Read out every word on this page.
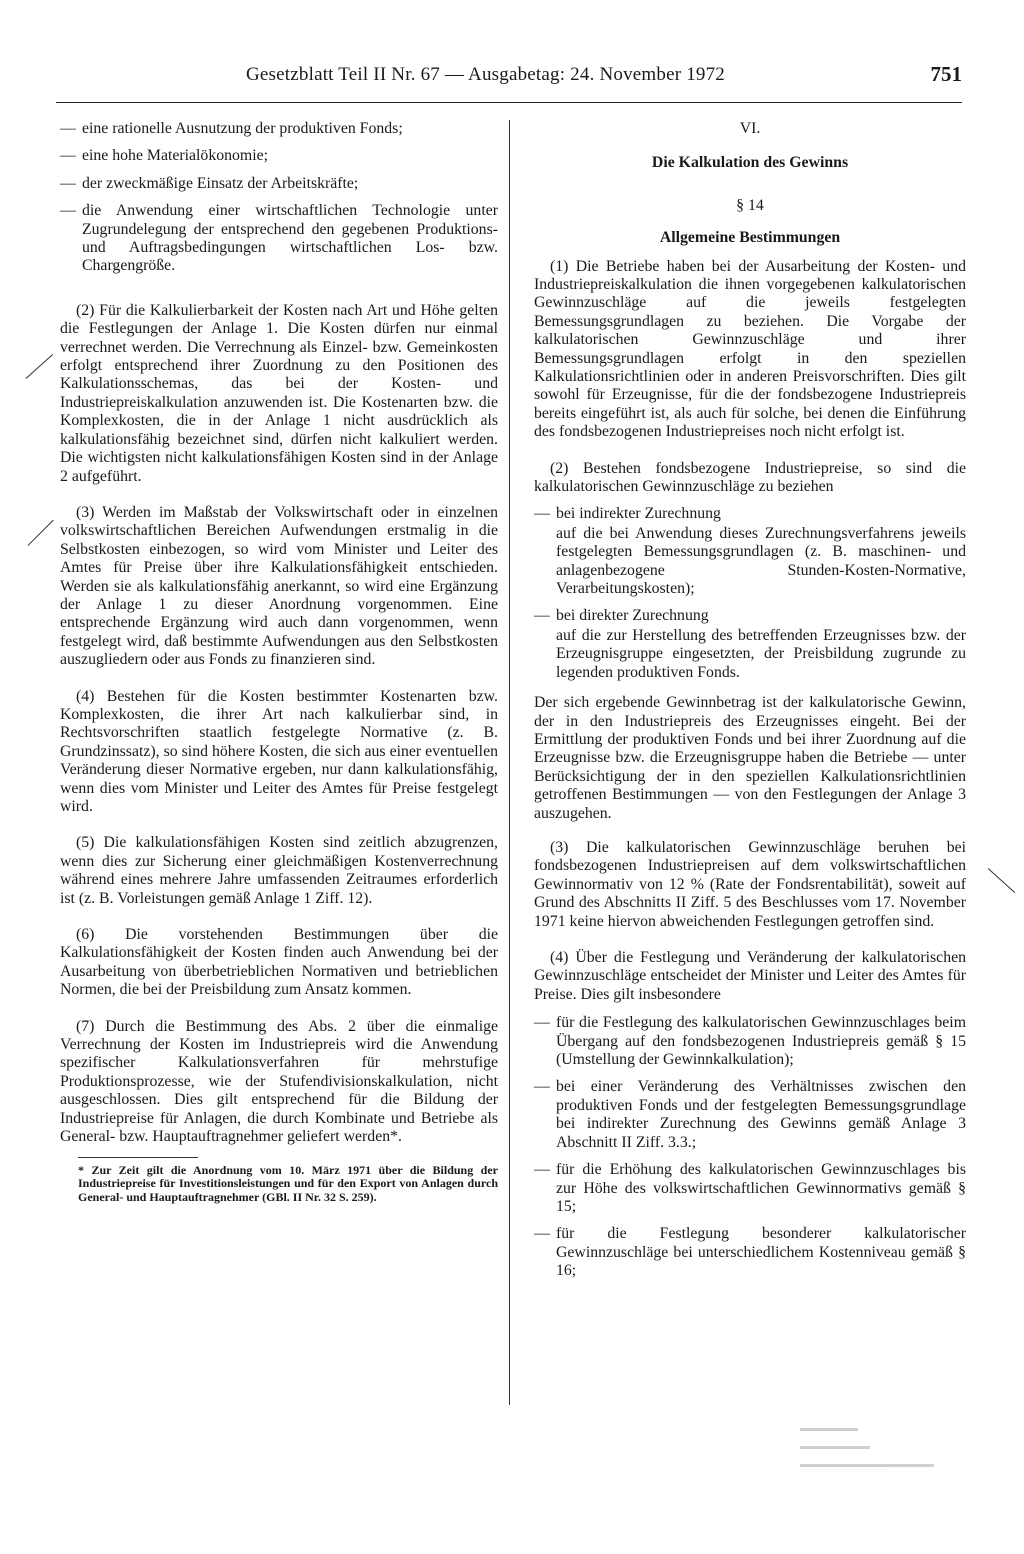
Gesetzblatt Teil II Nr. 67 — Ausgabetag: 24. November 1972	751
— eine rationelle Ausnutzung der produktiven Fonds;
— eine hohe Materialökonomie;
— der zweckmäßige Einsatz der Arbeitskräfte;
— die Anwendung einer wirtschaftlichen Technologie unter Zugrundelegung der entsprechend den gegebenen Produktions- und Auftragsbedingungen wirtschaftlichen Los- bzw. Chargengröße.

(2) Für die Kalkulierbarkeit der Kosten nach Art und Höhe gelten die Festlegungen der Anlage 1. Die Kosten dürfen nur einmal verrechnet werden. Die Verrechnung als Einzel- bzw. Gemeinkosten erfolgt entsprechend ihrer Zuordnung zu den Positionen des Kalkulationsschemas, das bei der Kosten- und Industriepreiskalkulation anzuwenden ist. Die Kostenarten bzw. die Komplexkosten, die in der Anlage 1 nicht ausdrücklich als kalkulationsfähig bezeichnet sind, dürfen nicht kalkuliert werden. Die wichtigsten nicht kalkulationsfähigen Kosten sind in der Anlage 2 aufgeführt.

(3) Werden im Maßstab der Volkswirtschaft oder in einzelnen volkswirtschaftlichen Bereichen Aufwendungen erstmalig in die Selbstkosten einbezogen, so wird vom Minister und Leiter des Amtes für Preise über ihre Kalkulationsfähigkeit entschieden. Werden sie als kalkulationsfähig anerkannt, so wird eine Ergänzung der Anlage 1 zu dieser Anordnung vorgenommen. Eine entsprechende Ergänzung wird auch dann vorgenommen, wenn festgelegt wird, daß bestimmte Aufwendungen aus den Selbstkosten auszugliedern oder aus Fonds zu finanzieren sind.

(4) Bestehen für die Kosten bestimmter Kostenarten bzw. Komplexkosten, die ihrer Art nach kalkulierbar sind, in Rechtsvorschriften staatlich festgelegte Normative (z. B. Grundzinssatz), so sind höhere Kosten, die sich aus einer eventuellen Veränderung dieser Normative ergeben, nur dann kalkulationsfähig, wenn dies vom Minister und Leiter des Amtes für Preise festgelegt wird.

(5) Die kalkulationsfähigen Kosten sind zeitlich abzugrenzen, wenn dies zur Sicherung einer gleichmäßigen Kostenverrechnung während eines mehrere Jahre umfassenden Zeitraumes erforderlich ist (z. B. Vorleistungen gemäß Anlage 1 Ziff. 12).

(6) Die vorstehenden Bestimmungen über die Kalkulationsfähigkeit der Kosten finden auch Anwendung bei der Ausarbeitung von überbetrieblichen Normativen und betrieblichen Normen, die bei der Preisbildung zum Ansatz kommen.

(7) Durch die Bestimmung des Abs. 2 über die einmalige Verrechnung der Kosten im Industriepreis wird die Anwendung spezifischer Kalkulationsverfahren für mehrstufige Produktionsprozesse, wie der Stufendivisionskalkulation, nicht ausgeschlossen. Dies gilt entsprechend für die Bildung der Industriepreise für Anlagen, die durch Kombinate und Betriebe als General- bzw. Hauptauftragnehmer geliefert werden*.

* Zur Zeit gilt die Anordnung vom 10. März 1971 über die Bildung der Industriepreise für Investitionsleistungen und für den Export von Anlagen durch General- und Hauptauftragnehmer (GBl. II Nr. 32 S. 259).

VI.

Die Kalkulation des Gewinns

§ 14

Allgemeine Bestimmungen

(1) Die Betriebe haben bei der Ausarbeitung der Kosten- und Industriepreiskalkulation die ihnen vorgegebenen kalkulatorischen Gewinnzuschläge auf die jeweils festgelegten Bemessungsgrundlagen zu beziehen. Die Vorgabe der kalkulatorischen Gewinnzuschläge und ihrer Bemessungsgrundlagen erfolgt in den speziellen Kalkulationsrichtlinien oder in anderen Preisvorschriften. Dies gilt sowohl für Erzeugnisse, für die der fondsbezogene Industriepreis bereits eingeführt ist, als auch für solche, bei denen die Einführung des fondsbezogenen Industriepreises noch nicht erfolgt ist.

(2) Bestehen fondsbezogene Industriepreise, so sind die kalkulatorischen Gewinnzuschläge zu beziehen

— bei indirekter Zurechnung

auf die bei Anwendung dieses Zurechnungsverfahrens jeweils festgelegten Bemessungsgrundlagen (z. B. maschinen- und anlagenbezogene Stunden-Kosten-Normative, Verarbeitungskosten);

— bei direkter Zurechnung

auf die zur Herstellung des betreffenden Erzeugnisses bzw. der Erzeugnisgruppe eingesetzten, der Preisbildung zugrunde zu legenden produktiven Fonds.

Der sich ergebende Gewinnbetrag ist der kalkulatorische Gewinn, der in den Industriepreis des Erzeugnisses eingeht. Bei der Ermittlung der produktiven Fonds und bei ihrer Zuordnung auf die Erzeugnisse bzw. die Erzeugnisgruppe haben die Betriebe — unter Berücksichtigung der in den speziellen Kalkulationsrichtlinien getroffenen Bestimmungen — von den Festlegungen der Anlage 3 auszugehen.

(3) Die kalkulatorischen Gewinnzuschläge beruhen bei fondsbezogenen Industriepreisen auf dem volkswirtschaftlichen Gewinnormativ von 12 % (Rate der Fondsrentabilität), soweit auf Grund des Abschnitts II Ziff. 5 des Beschlusses vom 17. November 1971 keine hiervon abweichenden Festlegungen getroffen sind.

(4) Über die Festlegung und Veränderung der kalkulatorischen Gewinnzuschläge entscheidet der Minister und Leiter des Amtes für Preise. Dies gilt insbesondere

— für die Festlegung des kalkulatorischen Gewinnzuschlages beim Übergang auf den fondsbezogenen Industriepreis gemäß § 15 (Umstellung der Gewinnkalkulation);
— bei einer Veränderung des Verhältnisses zwischen den produktiven Fonds und der festgelegten Bemessungsgrundlage bei indirekter Zurechnung des Gewinns gemäß Anlage 3 Abschnitt II Ziff. 3.3.;
— für die Erhöhung des kalkulatorischen Gewinnzuschlages bis zur Höhe des volkswirtschaftlichen Gewinnormativs gemäß § 15;
— für die Festlegung besonderer kalkulatorischer Gewinnzuschläge bei unterschiedlichem Kostenniveau gemäß § 16;
